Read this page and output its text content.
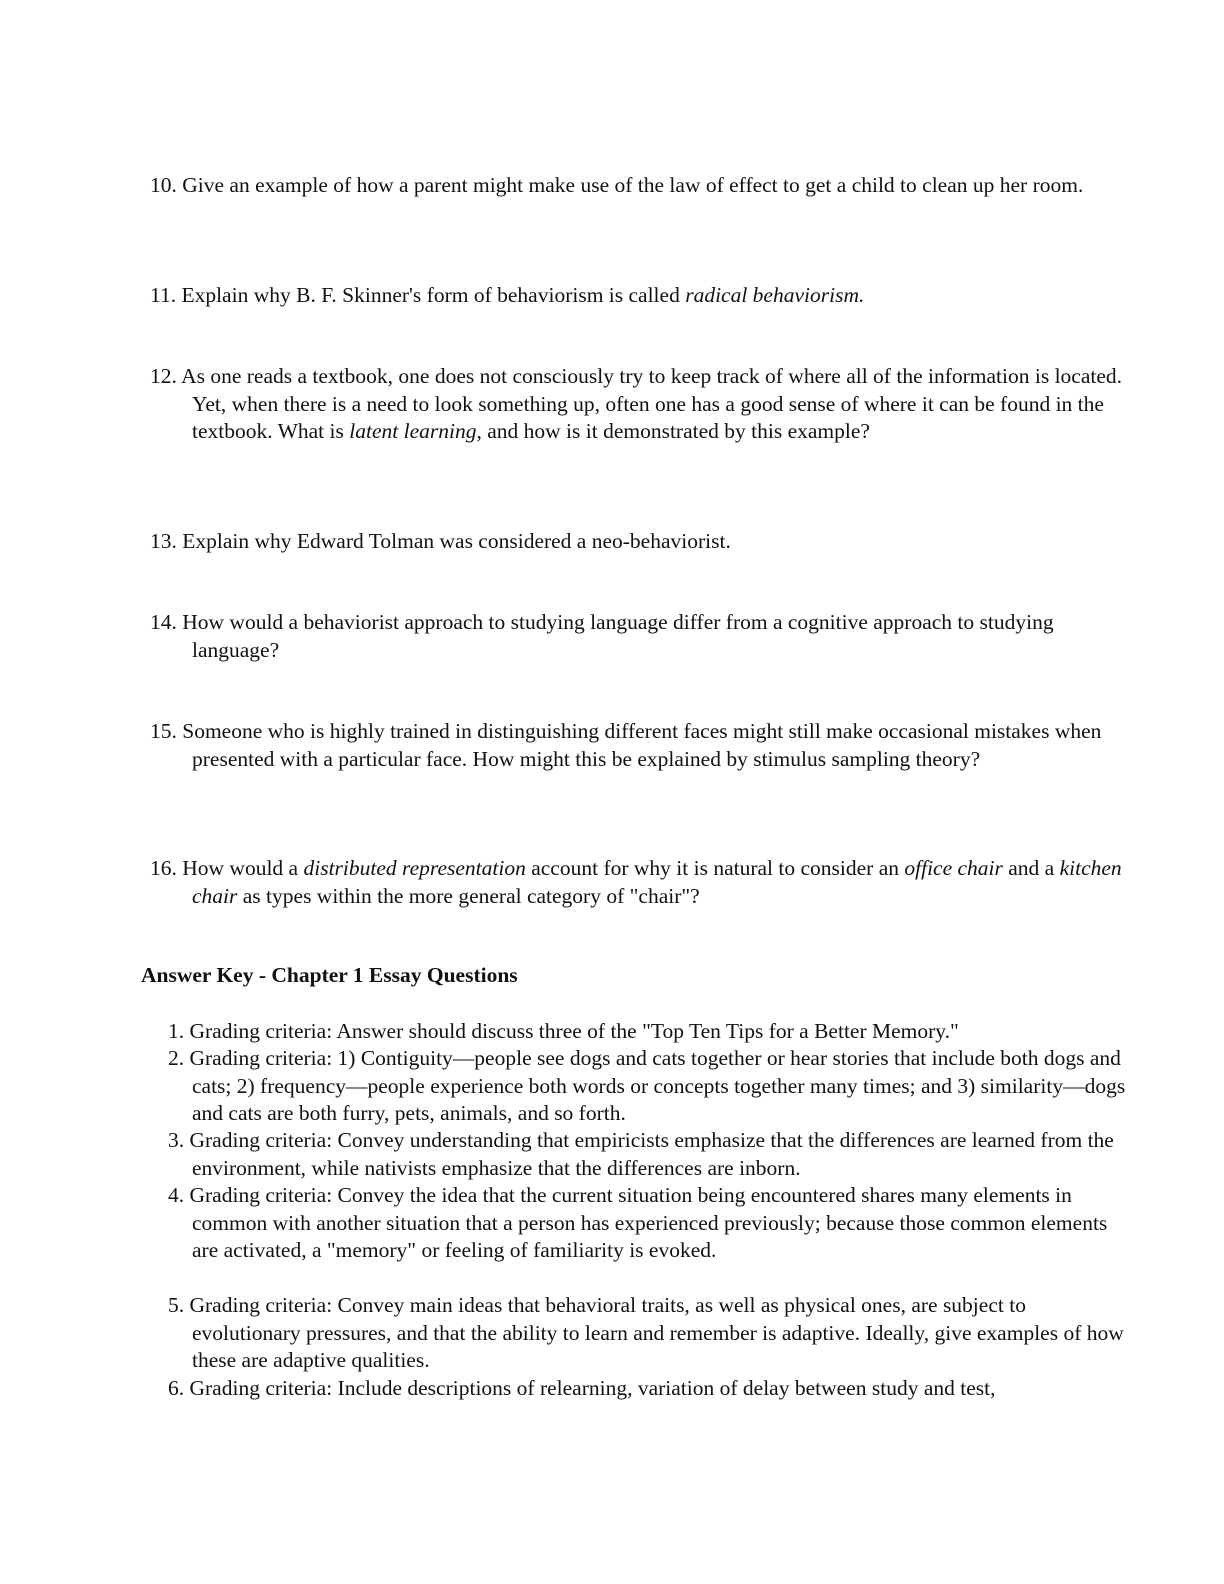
10. Give an example of how a parent might make use of the law of effect to get a child to clean up her room.
11. Explain why B. F. Skinner's form of behaviorism is called radical behaviorism.
12. As one reads a textbook, one does not consciously try to keep track of where all of the information is located. Yet, when there is a need to look something up, often one has a good sense of where it can be found in the textbook. What is latent learning, and how is it demonstrated by this example?
13. Explain why Edward Tolman was considered a neo-behaviorist.
14. How would a behaviorist approach to studying language differ from a cognitive approach to studying language?
15. Someone who is highly trained in distinguishing different faces might still make occasional mistakes when presented with a particular face. How might this be explained by stimulus sampling theory?
16. How would a distributed representation account for why it is natural to consider an office chair and a kitchen chair as types within the more general category of "chair"?
Answer Key - Chapter 1 Essay Questions
1. Grading criteria: Answer should discuss three of the "Top Ten Tips for a Better Memory."
2. Grading criteria: 1) Contiguity—people see dogs and cats together or hear stories that include both dogs and cats; 2) frequency—people experience both words or concepts together many times; and 3) similarity—dogs and cats are both furry, pets, animals, and so forth.
3. Grading criteria: Convey understanding that empiricists emphasize that the differences are learned from the environment, while nativists emphasize that the differences are inborn.
4. Grading criteria: Convey the idea that the current situation being encountered shares many elements in common with another situation that a person has experienced previously; because those common elements are activated, a "memory" or feeling of familiarity is evoked.
5. Grading criteria: Convey main ideas that behavioral traits, as well as physical ones, are subject to evolutionary pressures, and that the ability to learn and remember is adaptive. Ideally, give examples of how these are adaptive qualities.
6. Grading criteria: Include descriptions of relearning, variation of delay between study and test,
